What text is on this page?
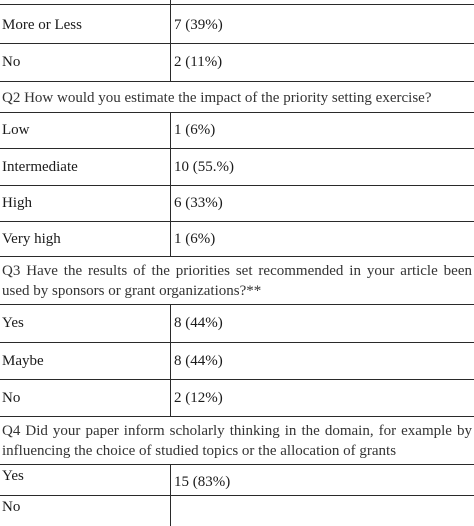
More or Less	7 (39%)
No	2 (11%)
Q2 How would you estimate the impact of the priority setting exercise?
Low	1 (6%)
Intermediate	10 (55.%)
High	6 (33%)
Very high	1 (6%)
Q3 Have the results of the priorities set recommended in your article been used by sponsors or grant organizations?**
Yes	8 (44%)
Maybe	8 (44%)
No	2 (12%)
Q4 Did your paper inform scholarly thinking in the domain, for example by influencing the choice of studied topics or the allocation of grants
Yes	15 (83%)
No
